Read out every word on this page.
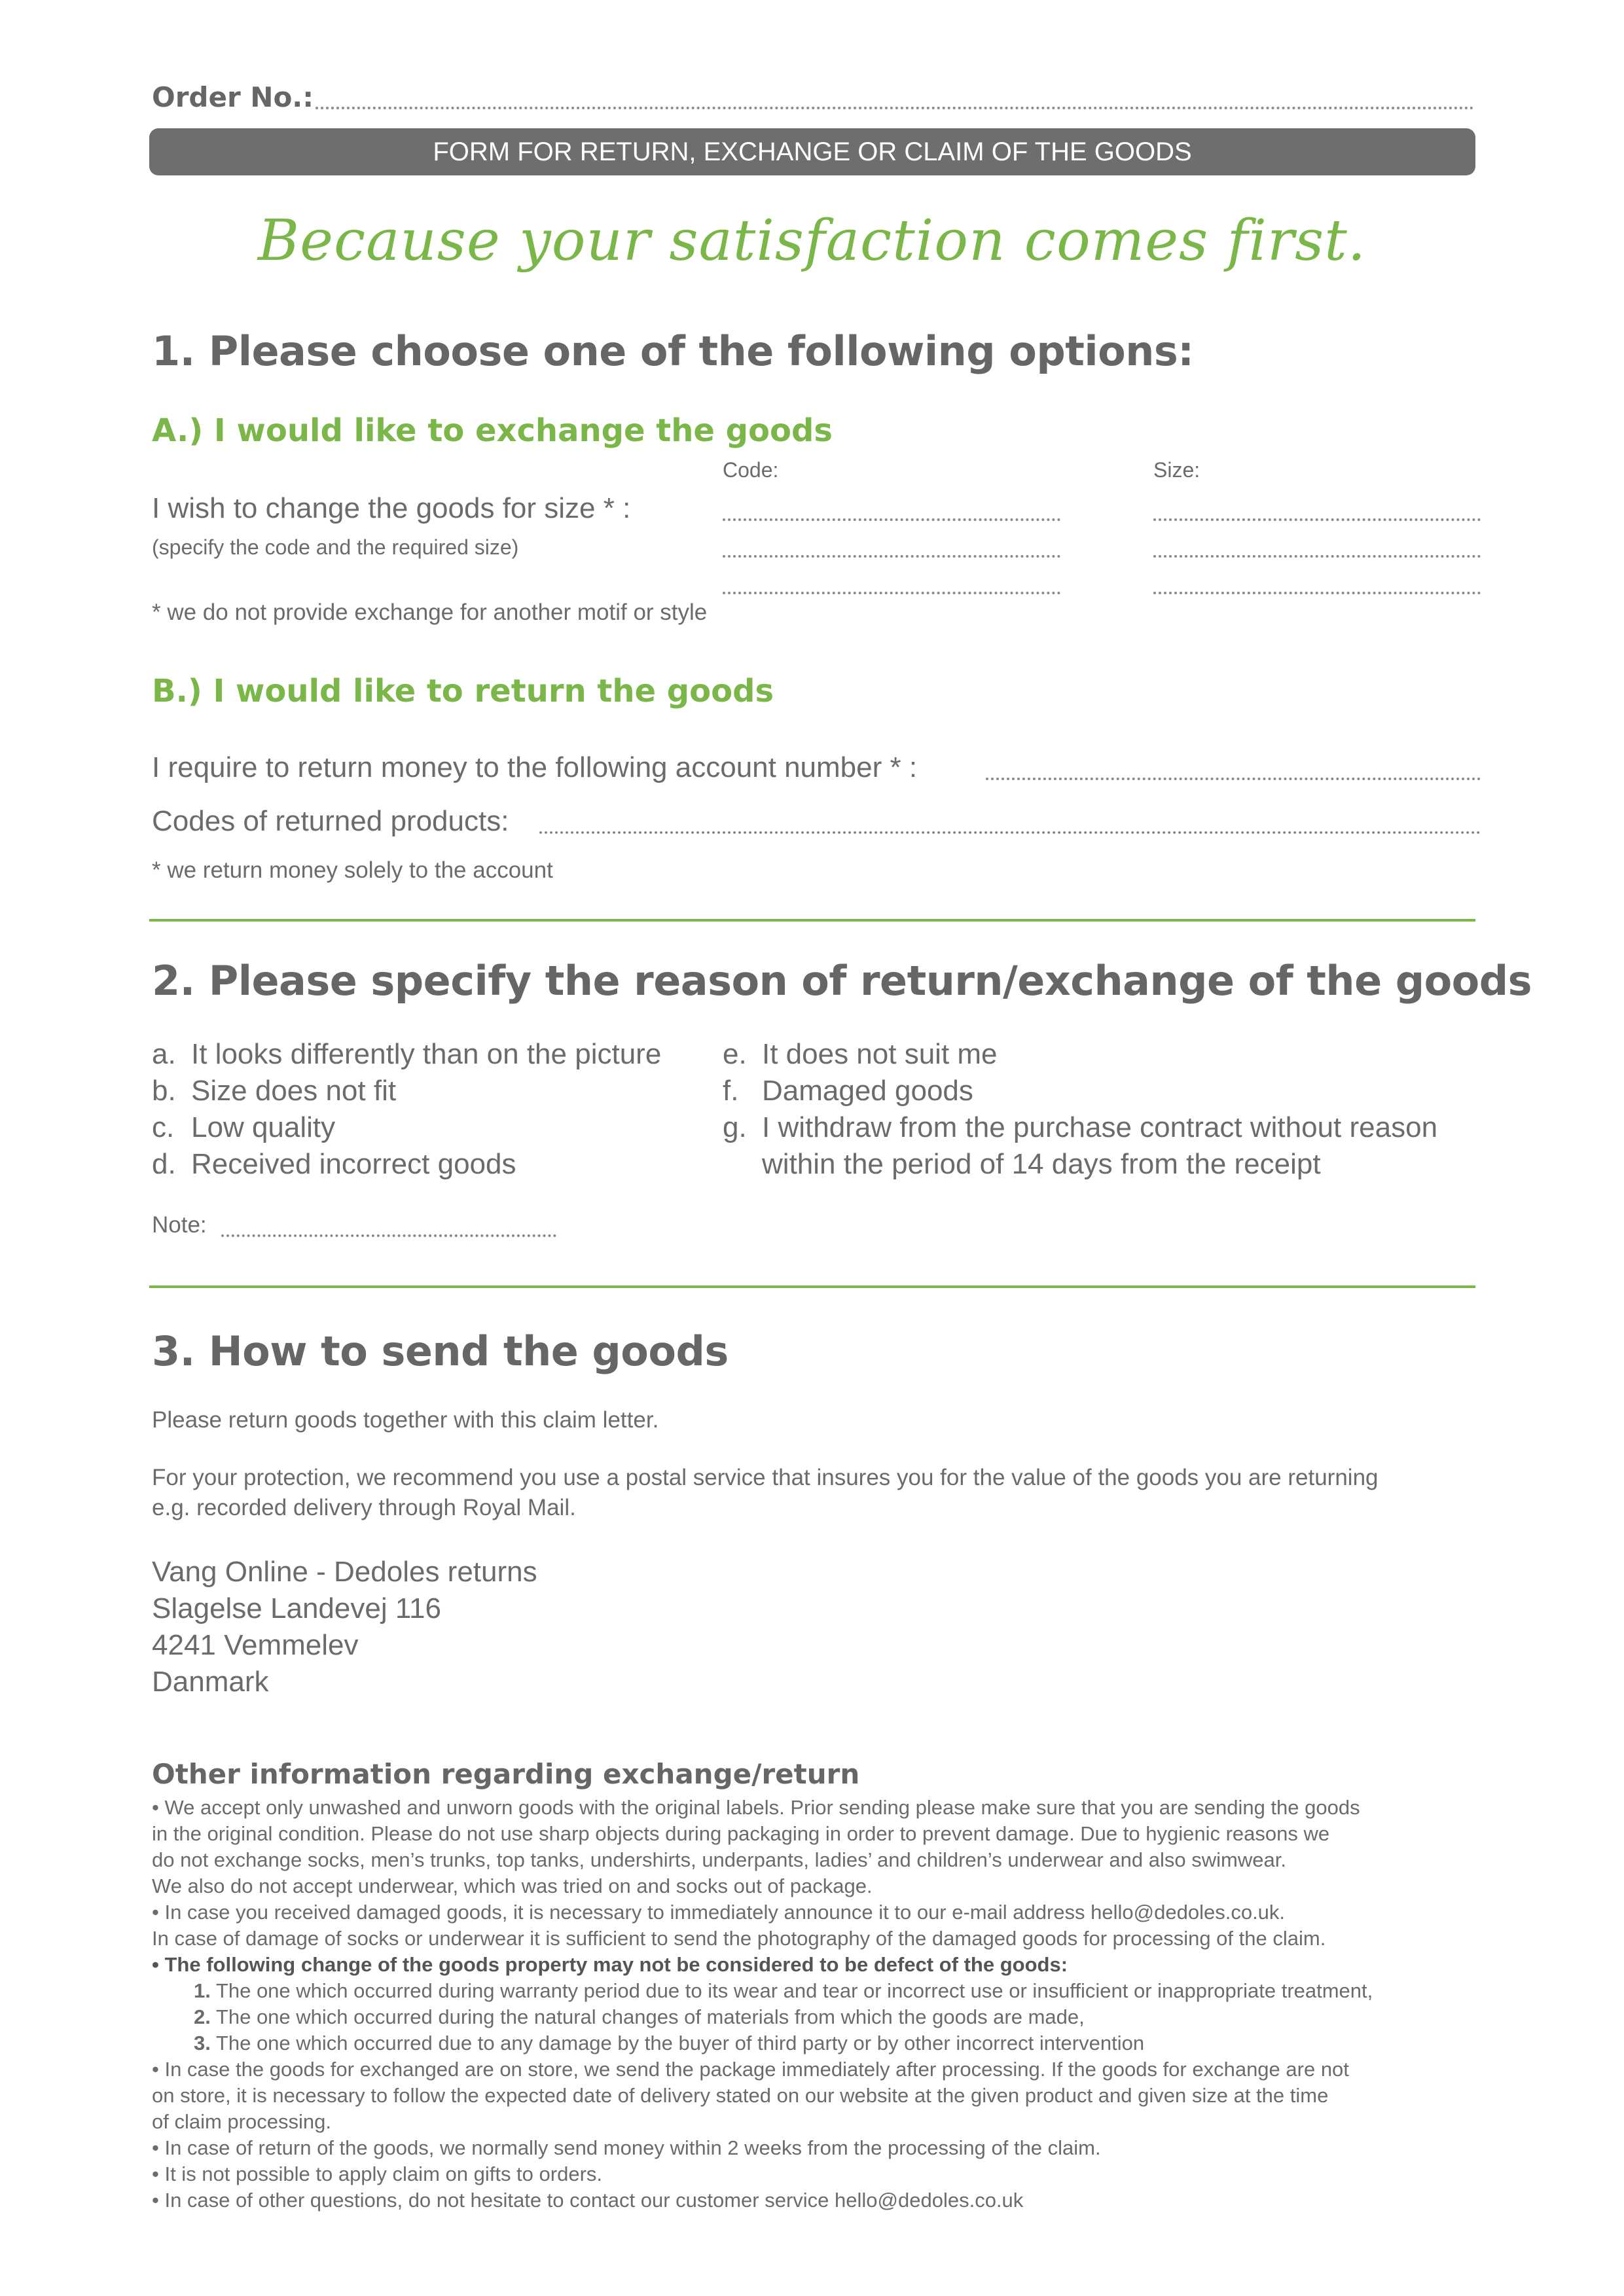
Order No.:
FORM FOR RETURN, EXCHANGE OR CLAIM OF THE GOODS
Because your satisfaction comes first.
1. Please choose one of the following options:
A.) I would like to exchange the goods
Code:	Size:
I wish to change the goods for size * :
(specify the code and the required size)
* we do not provide exchange for another motif or style
B.) I would like to return the goods
I require to return money to the following account number * :
Codes of returned products:
* we return money solely to the account
2. Please specify the reason of return/exchange of the goods
a. It looks differently than on the picture
b. Size does not fit
c. Low quality
d. Received incorrect goods
e. It does not suit me
f. Damaged goods
g. I withdraw from the purchase contract without reason
within the period of 14 days from the receipt
Note:
3. How to send the goods
Please return goods together with this claim letter.
For your protection, we recommend you use a postal service that insures you for the value of the goods you are returning
e.g. recorded delivery through Royal Mail.
Vang Online - Dedoles returns
Slagelse Landevej 116
4241 Vemmelev
Danmark
Other information regarding exchange/return
• We accept only unwashed and unworn goods with the original labels. Prior sending please make sure that you are sending the goods
in the original condition. Please do not use sharp objects during packaging in order to prevent damage. Due to hygienic reasons we
do not exchange socks, men’s trunks, top tanks, undershirts, underpants, ladies’ and children’s underwear and also swimwear.
We also do not accept underwear, which was tried on and socks out of package.
• In case you received damaged goods, it is necessary to immediately announce it to our e-mail address hello@dedoles.co.uk.
In case of damage of socks or underwear it is sufficient to send the photography of the damaged goods for processing of the claim.
• The following change of the goods property may not be considered to be defect of the goods:
1. The one which occurred during warranty period due to its wear and tear or incorrect use or insufficient or inappropriate treatment,
2. The one which occurred during the natural changes of materials from which the goods are made,
3. The one which occurred due to any damage by the buyer of third party or by other incorrect intervention
• In case the goods for exchanged are on store, we send the package immediately after processing. If the goods for exchange are not
on store, it is necessary to follow the expected date of delivery stated on our website at the given product and given size at the time
of claim processing.
• In case of return of the goods, we normally send money within 2 weeks from the processing of the claim.
• It is not possible to apply claim on gifts to orders.
• In case of other questions, do not hesitate to contact our customer service hello@dedoles.co.uk
